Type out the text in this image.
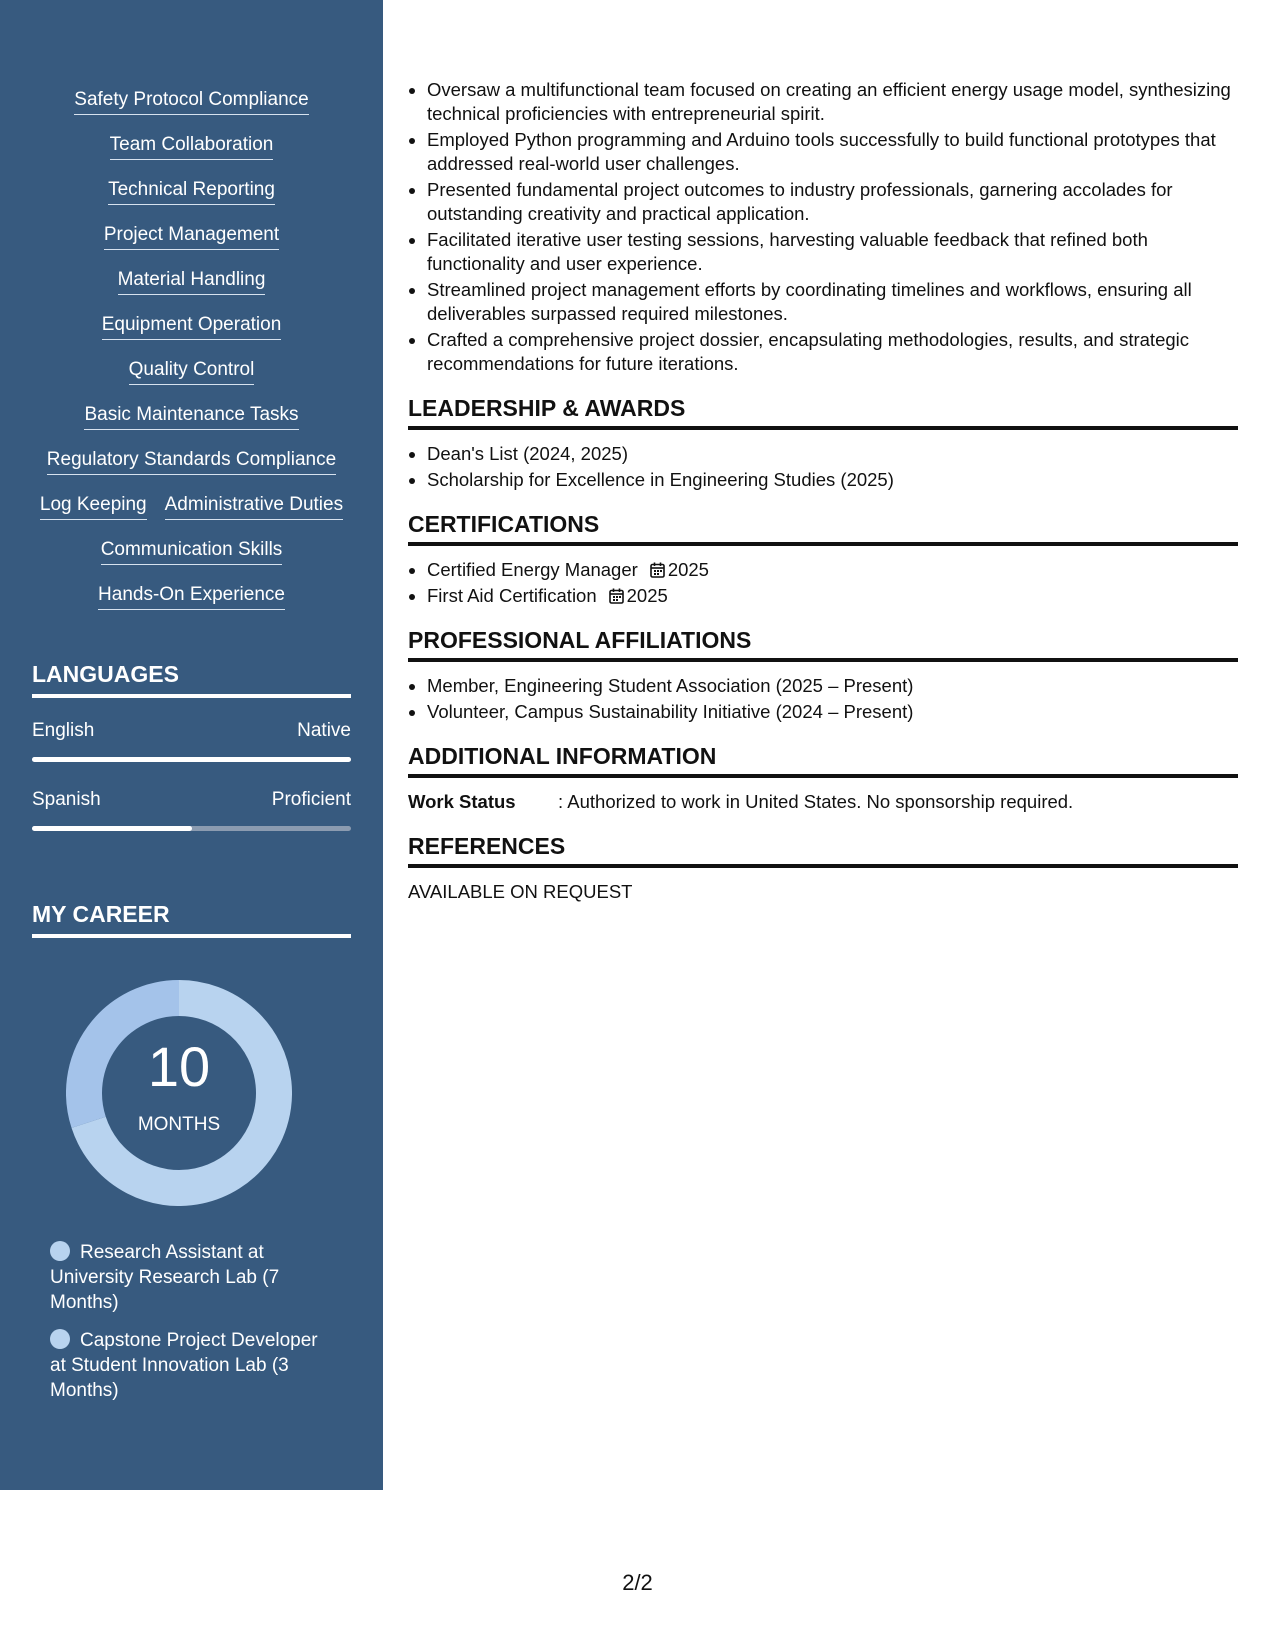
Safety Protocol Compliance
Team Collaboration
Technical Reporting
Project Management
Material Handling
Equipment Operation
Quality Control
Basic Maintenance Tasks
Regulatory Standards Compliance
Log Keeping Administrative Duties
Communication Skills
Hands-On Experience
LANGUAGES
English	Native
Spanish	Proficient
MY CAREER
10
MONTHS
Research Assistant at University Research Lab (7 Months)
Capstone Project Developer at Student Innovation Lab (3 Months)
• Oversaw a multifunctional team focused on creating an efficient energy usage model, synthesizing technical proficiencies with entrepreneurial spirit.
• Employed Python programming and Arduino tools successfully to build functional prototypes that addressed real-world user challenges.
• Presented fundamental project outcomes to industry professionals, garnering accolades for outstanding creativity and practical application.
• Facilitated iterative user testing sessions, harvesting valuable feedback that refined both functionality and user experience.
• Streamlined project management efforts by coordinating timelines and workflows, ensuring all deliverables surpassed required milestones.
• Crafted a comprehensive project dossier, encapsulating methodologies, results, and strategic recommendations for future iterations.
LEADERSHIP & AWARDS
• Dean's List (2024, 2025)
• Scholarship for Excellence in Engineering Studies (2025)
CERTIFICATIONS
• Certified Energy Manager 2025
• First Aid Certification 2025
PROFESSIONAL AFFILIATIONS
• Member, Engineering Student Association (2025 – Present)
• Volunteer, Campus Sustainability Initiative (2024 – Present)
ADDITIONAL INFORMATION
Work Status	: Authorized to work in United States. No sponsorship required.
REFERENCES
AVAILABLE ON REQUEST
2/2
